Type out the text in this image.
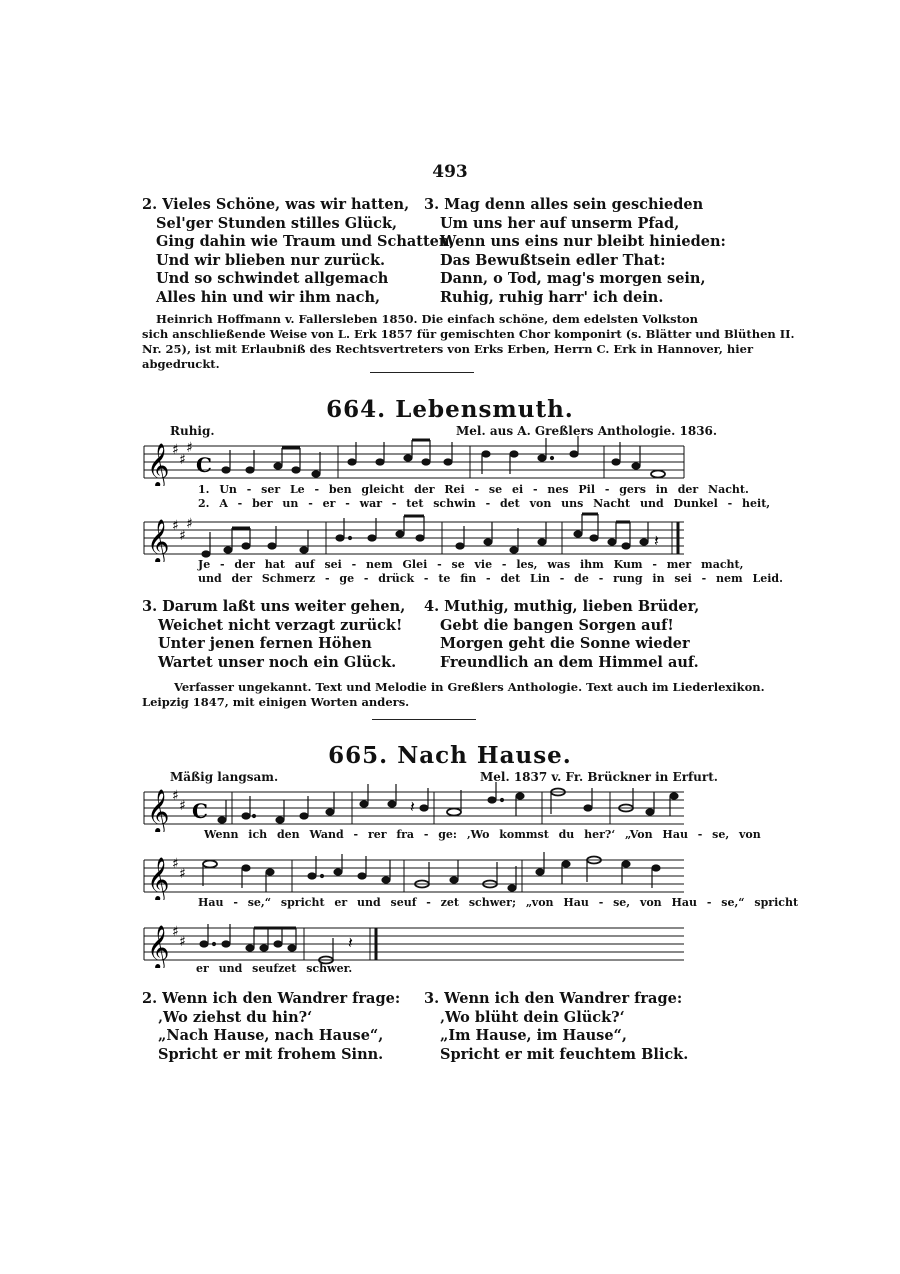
493
2. Vieles Schöne, was wir hatten,
Sel'ger Stunden stilles Glück,
Ging dahin wie Traum und Schatten,
Und wir blieben nur zurück.
Und so schwindet allgemach
Alles hin und wir ihm nach,
3. Mag denn alles sein geschieden
Um uns her auf unserm Pfad,
Wenn uns eins nur bleibt hinieden:
Das Bewußtsein edler That:
Dann, o Tod, mag's morgen sein,
Ruhig, ruhig harr' ich dein.
Heinrich Hoffmann v. Fallersleben 1850. Die einfach schöne, dem edelsten Volkston
sich anschließende Weise von L. Erk 1857 für gemischten Chor komponirt (s. Blätter und Blüthen II.
Nr. 25), ist mit Erlaubniß des Rechtsvertreters von Erks Erben, Herrn C. Erk in Hannover, hier
abgedruckt.
664. Lebensmuth.
Ruhig.	Mel. aus A. Greßlers Anthologie. 1836.
𝄞 ♯
♯
♯
C
1. Un - ser Le - ben gleicht der Rei - se ei - nes Pil - gers in der Nacht.
2. A - ber un - er - war - tet schwin - det von uns Nacht und Dunkel - heit,
𝄞 ♯
♯
♯
𝄽
Je - der hat auf sei - nem Glei - se vie - les, was ihm Kum - mer macht,
und der Schmerz - ge - drück - te fin - det Lin - de - rung in sei - nem Leid.
3. Darum laßt uns weiter gehen,
Weichet nicht verzagt zurück!
Unter jenen fernen Höhen
Wartet unser noch ein Glück.
4. Muthig, muthig, lieben Brüder,
Gebt die bangen Sorgen auf!
Morgen geht die Sonne wieder
Freundlich an dem Himmel auf.
Verfasser ungekannt. Text und Melodie in Greßlers Anthologie. Text auch im Liederlexikon.
Leipzig 1847, mit einigen Worten anders.
665. Nach Hause.
Mäßig langsam.	Mel. 1837 v. Fr. Brückner in Erfurt.
𝄞 ♯
♯ C	𝄽
Wenn ich den Wand - rer fra - ge: ‚Wo kommst du her?‘ „Von Hau - se, von
𝄞 ♯
♯
Hau - se,“ spricht er und seuf - zet schwer; „von Hau - se, von Hau - se,“ spricht
𝄞 ♯
♯	𝄽
er und seufzet schwer.
2. Wenn ich den Wandrer frage:
‚Wo ziehst du hin?‘
„Nach Hause, nach Hause“,
Spricht er mit frohem Sinn.
3. Wenn ich den Wandrer frage:
‚Wo blüht dein Glück?‘
„Im Hause, im Hause“,
Spricht er mit feuchtem Blick.
